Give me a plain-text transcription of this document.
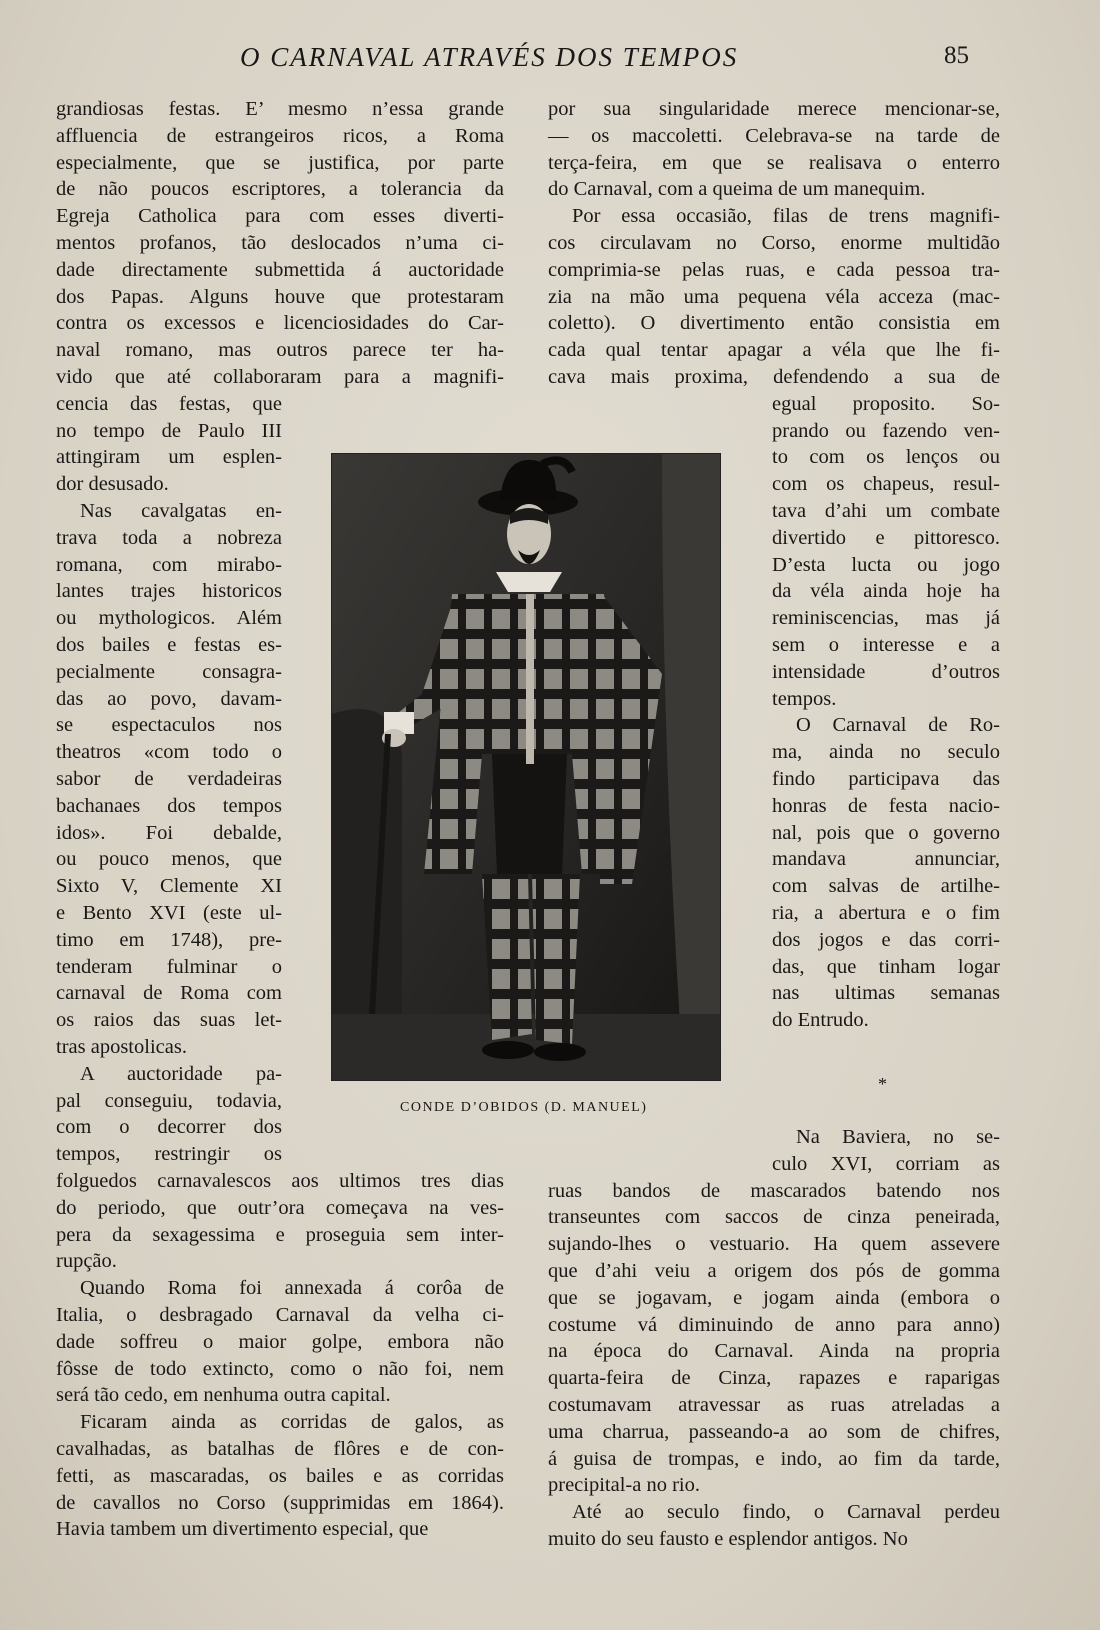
O CARNAVAL ATRAVÉS DOS TEMPOS	85
grandiosas festas. E’ mesmo n’essa grande
affluencia de estrangeiros ricos, a Roma
especialmente, que se justifica, por parte
de não poucos escriptores, a tolerancia da
Egreja Catholica para com esses diverti-
mentos profanos, tão deslocados n’uma ci-
dade directamente submettida á auctoridade
dos Papas. Alguns houve que protestaram
contra os excessos e licenciosidades do Car-
naval romano, mas outros parece ter ha-
vido que até collaboraram para a magnifi-
cencia das festas, que
no tempo de Paulo III
attingiram um esplen-
dor desusado.
Nas cavalgatas en-
trava toda a nobreza
romana, com mirabo-
lantes trajes historicos
ou mythologicos. Além
dos bailes e festas es-
pecialmente consagra-
das ao povo, davam-
se espectaculos nos
theatros «com todo o
sabor de verdadeiras
bachanaes dos tempos
idos». Foi debalde,
ou pouco menos, que
Sixto V, Clemente XI
e Bento XVI (este ul-
timo em 1748), pre-
tenderam fulminar o
carnaval de Roma com
os raios das suas let-
tras apostolicas.
A auctoridade pa-
pal conseguiu, todavia,
com o decorrer dos
tempos, restringir os
folguedos carnavalescos aos ultimos tres dias
do periodo, que outr’ora começava na ves-
pera da sexagessima e proseguia sem inter-
rupção.
Quando Roma foi annexada á corôa de
Italia, o desbragado Carnaval da velha ci-
dade soffreu o maior golpe, embora não
fôsse de todo extincto, como o não foi, nem
será tão cedo, em nenhuma outra capital.
Ficaram ainda as corridas de galos, as
cavalhadas, as batalhas de flôres e de con-
fetti, as mascaradas, os bailes e as corridas
de cavallos no Corso (supprimidas em 1864).
Havia tambem um divertimento especial, que
por sua singularidade merece mencionar-se,
— os maccoletti. Celebrava-se na tarde de
terça-feira, em que se realisava o enterro
do Carnaval, com a queima de um manequim.
Por essa occasião, filas de trens magnifi-
cos circulavam no Corso, enorme multidão
comprimia-se pelas ruas, e cada pessoa tra-
zia na mão uma pequena véla acceza (mac-
coletto). O divertimento então consistia em
cada qual tentar apagar a véla que lhe fi-
cava mais proxima, defendendo a sua de
egual proposito. So-
prando ou fazendo ven-
to com os lenços ou
com os chapeus, resul-
tava d’ahi um combate
divertido e pittoresco.
D’esta lucta ou jogo
da véla ainda hoje ha
reminiscencias, mas já
sem o interesse e a
intensidade d’outros
tempos.
O Carnaval de Ro-
ma, ainda no seculo
findo participava das
honras de festa nacio-
nal, pois que o governo
mandava annunciar,
com salvas de artilhe-
ria, a abertura e o fim
dos jogos e das corri-
das, que tinham logar
nas ultimas semanas
do Entrudo.
Na Baviera, no se-
culo XVI, corriam as
ruas bandos de mascarados batendo nos
transeuntes com saccos de cinza peneirada,
sujando-lhes o vestuario. Ha quem assevere
que d’ahi veiu a origem dos pós de gomma
que se jogavam, e jogam ainda (embora o
costume vá diminuindo de anno para anno)
na época do Carnaval. Ainda na propria
quarta-feira de Cinza, rapazes e raparigas
costumavam atravessar as ruas atreladas a
uma charrua, passeando-a ao som de chifres,
á guisa de trompas, e indo, ao fim da tarde,
precipital-a no rio.
Até ao seculo findo, o Carnaval perdeu
muito do seu fausto e esplendor antigos. No
CONDE D’OBIDOS (D. MANUEL)
*
